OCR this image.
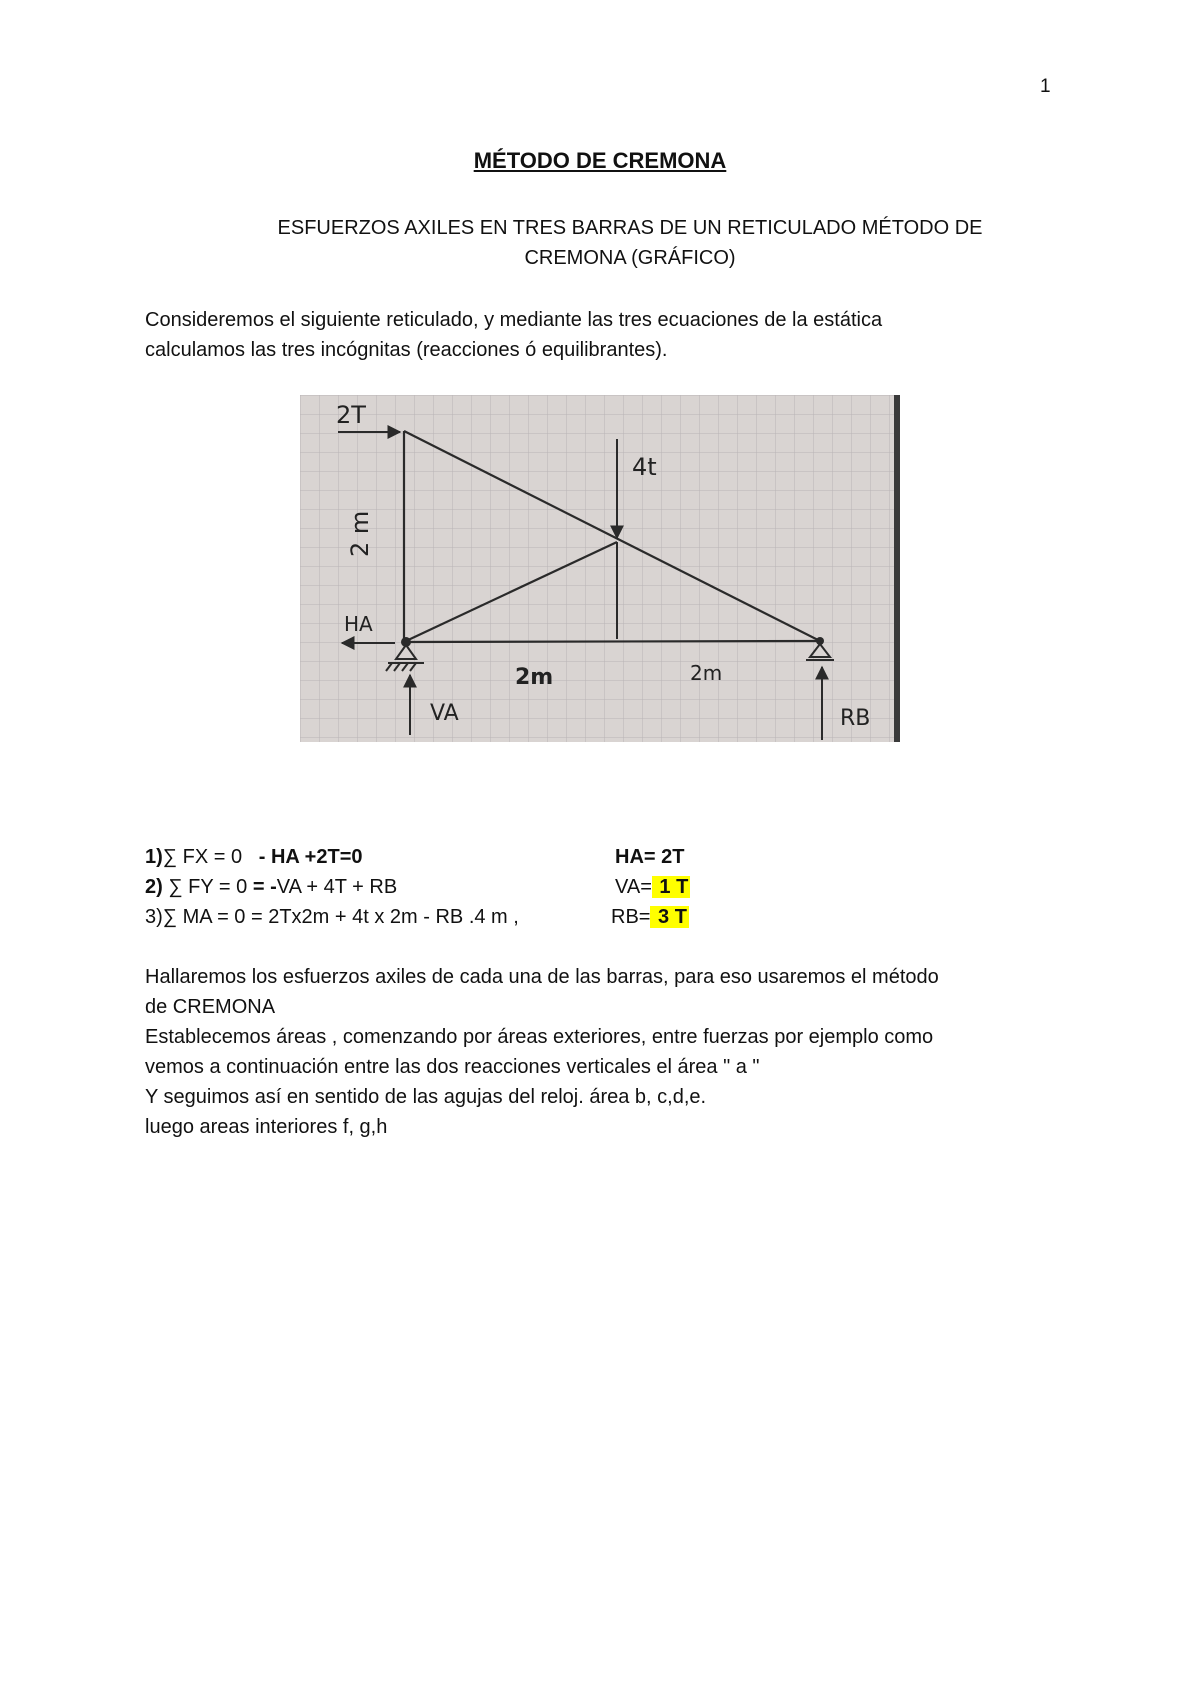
1
MÉTODO DE CREMONA
ESFUERZOS AXILES EN TRES BARRAS DE UN RETICULADO MÉTODO DE
CREMONA (GRÁFICO)
Consideremos el siguiente reticulado, y mediante las tres ecuaciones de la estática
calculamos las tres incógnitas (reacciones ó equilibrantes).
2T
4t
2 m
HA
VA	RB
2m	2m
1)∑ FX = 0 - HA +2T=0	HA= 2T
2) ∑ FY = 0 = -VA + 4T + RB	VA= 1 T
3)∑ MA = 0 = 2Tx2m + 4t x 2m - RB .4 m ,	RB= 3 T
Hallaremos los esfuerzos axiles de cada una de las barras, para eso usaremos el método
de CREMONA
Establecemos áreas , comenzando por áreas exteriores, entre fuerzas por ejemplo como
vemos a continuación entre las dos reacciones verticales el área " a "
Y seguimos así en sentido de las agujas del reloj. área b, c,d,e.
luego areas interiores f, g,h
